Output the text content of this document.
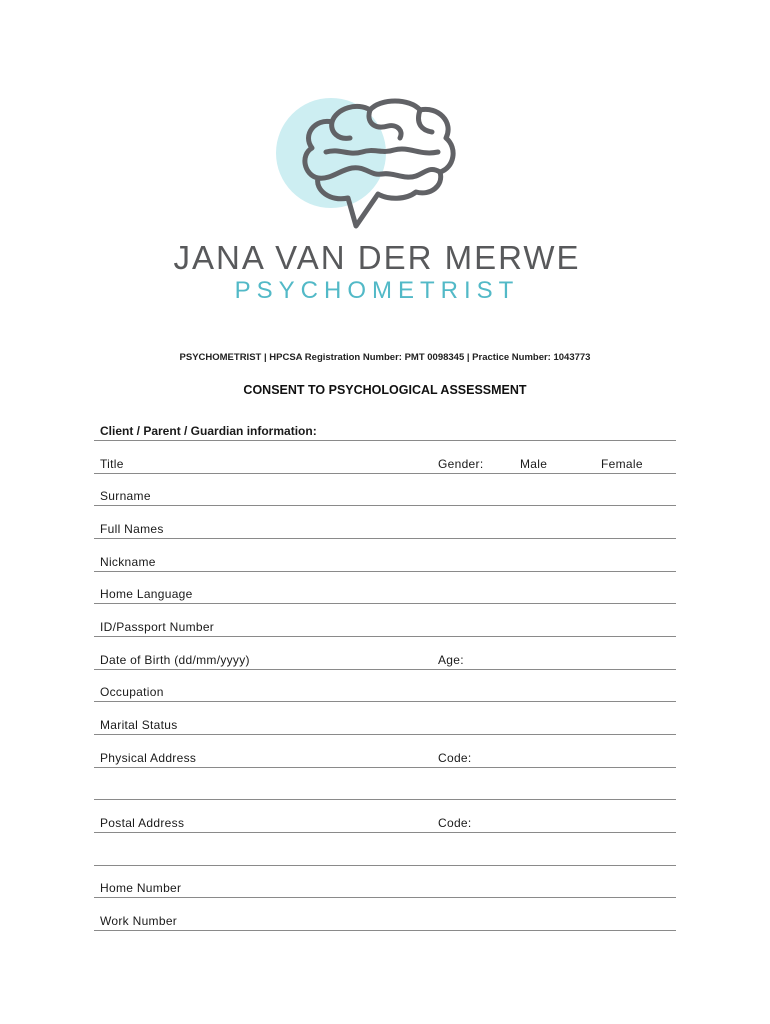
JANA VAN DER MERWE
PSYCHOMETRIST
PSYCHOMETRIST | HPCSA Registration Number: PMT 0098345 | Practice Number: 1043773
CONSENT TO PSYCHOLOGICAL ASSESSMENT
Client / Parent / Guardian information:
Title	Gender:	Male	Female
Surname
Full Names
Nickname
Home Language
ID/Passport Number
Date of Birth (dd/mm/yyyy)	Age:
Occupation
Marital Status
Physical Address	Code:
Postal Address	Code:
Home Number
Work Number
